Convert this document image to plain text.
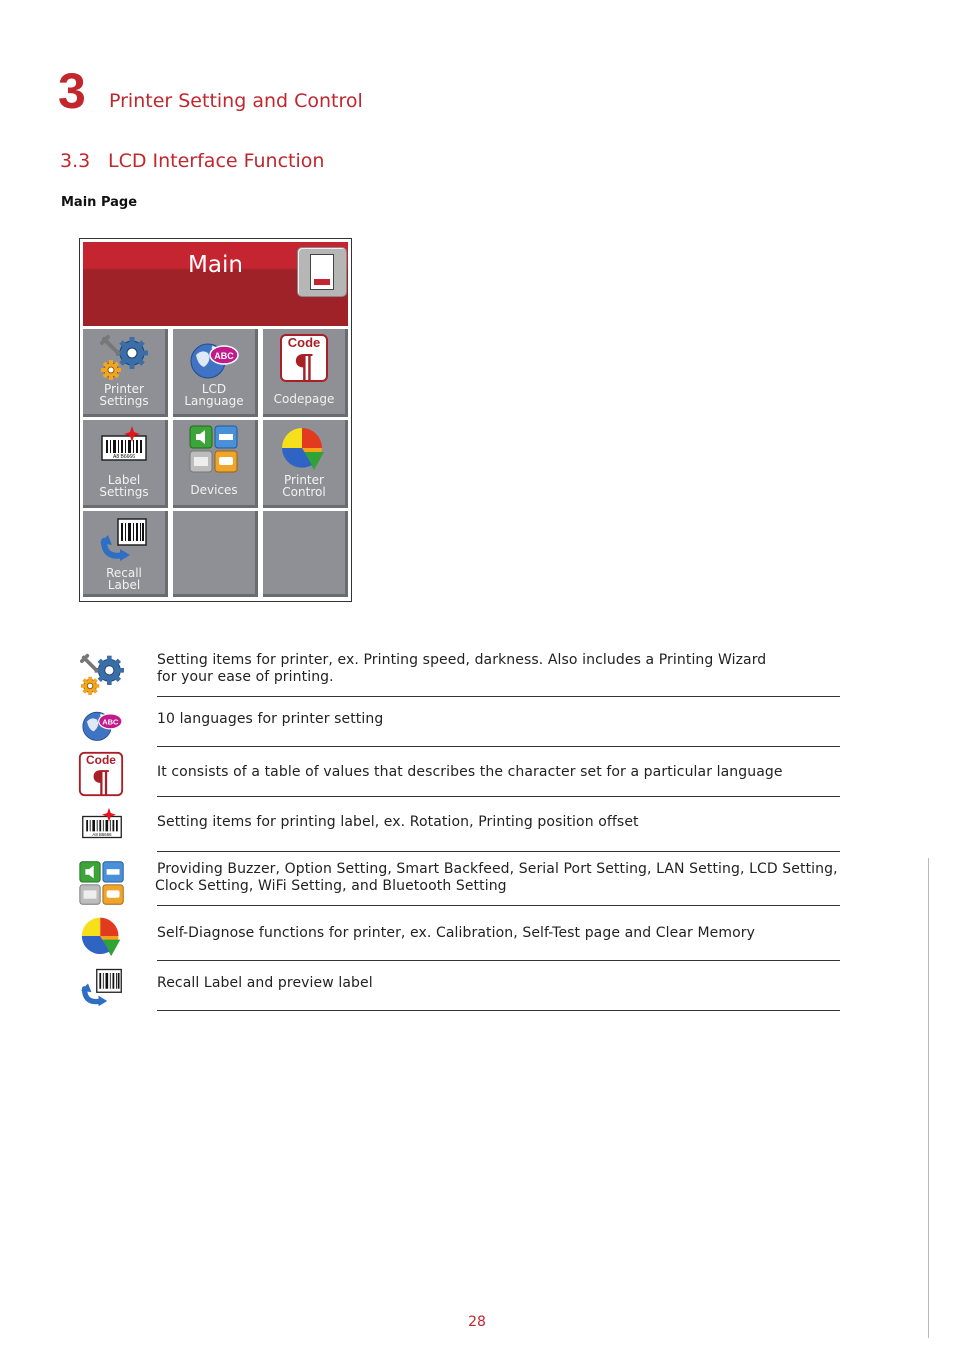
3 Printer Setting and Control
3.3 LCD Interface Function
Main Page
Main
Printer
Settings
ABC
LCD
Language
Code
¶
Codepage
A8 B6666
Label
Settings	Devices
Printer
Control
Recall
Label
Setting items for printer, ex. Printing speed, darkness. Also includes a Printing Wizard
for your ease of printing.
ABC	10 languages for printer setting
Code
¶	It consists of a table of values that describes the character set for a particular language
A8 B6666
Setting items for printing label, ex. Rotation, Printing position offset
Providing Buzzer, Option Setting, Smart Backfeed, Serial Port Setting, LAN Setting, LCD Setting,
Clock Setting, WiFi Setting, and Bluetooth Setting
Self-Diagnose functions for printer, ex. Calibration, Self-Test page and Clear Memory
Recall Label and preview label
28
